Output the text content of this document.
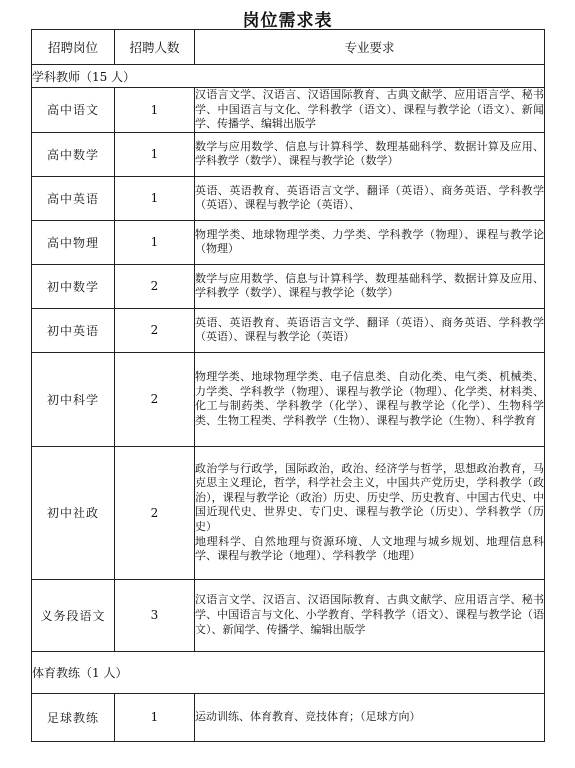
岗位需求表
招聘岗位	招聘人数	专业要求
学科教师（15 人）		
高中语文	1	汉语言文学、汉语言、汉语国际教育、古典文献学、应用语言学、秘书学、中国语言与文化、学科教学（语文）、课程与教学论（语文）、新闻学、传播学、编辑出版学

高中数学	1	数学与应用数学、信息与计算科学、数理基础科学、数据计算及应用、学科教学（数学）、课程与教学论（数学）

高中英语	1	英语、英语教育、英语语言文学、翻译（英语）、商务英语、学科教学（英语）、课程与教学论（英语）、

高中物理	1	物理学类、地球物理学类、力学类、学科教学（物理）、课程与教学论（物理）

初中数学	2	数学与应用数学、信息与计算科学、数理基础科学、数据计算及应用、学科教学（数学）、课程与教学论（数学）

初中英语	2	英语、英语教育、英语语言文学、翻译（英语）、商务英语、学科教学（英语）、课程与教学论（英语）

初中科学	2	物理学类、地球物理学类、电子信息类、自动化类、电气类、机械类、力学类、学科教学（物理）、课程与教学论（物理）、化学类、材料类、化工与制药类、学科教学（化学）、课程与教学论（化学）、生物科学类、生物工程类、学科教学（生物）、课程与教学论（生物）、科学教育

初中社政	2	政治学与行政学，国际政治，政治、经济学与哲学，思想政治教育，马克思主义理论，哲学，科学社会主义，中国共产党历史，学科教学（政治），课程与教学论（政治）历史、历史学、历史教育、中国古代史、中国近现代史、世界史、专门史、课程与教学论（历史）、学科教学（历史）

地理科学、自然地理与资源环境、人文地理与城乡规划、地理信息科学、课程与教学论（地理）、学科教学（地理）

义务段语文	3	汉语言文学、汉语言、汉语国际教育、古典文献学、应用语言学、秘书学、中国语言与文化、小学教育、学科教学（语文）、课程与教学论（语文）、新闻学、传播学、编辑出版学

体育教练（1 人）		
足球教练	1	运动训练、体育教育、竞技体育；（足球方向）
